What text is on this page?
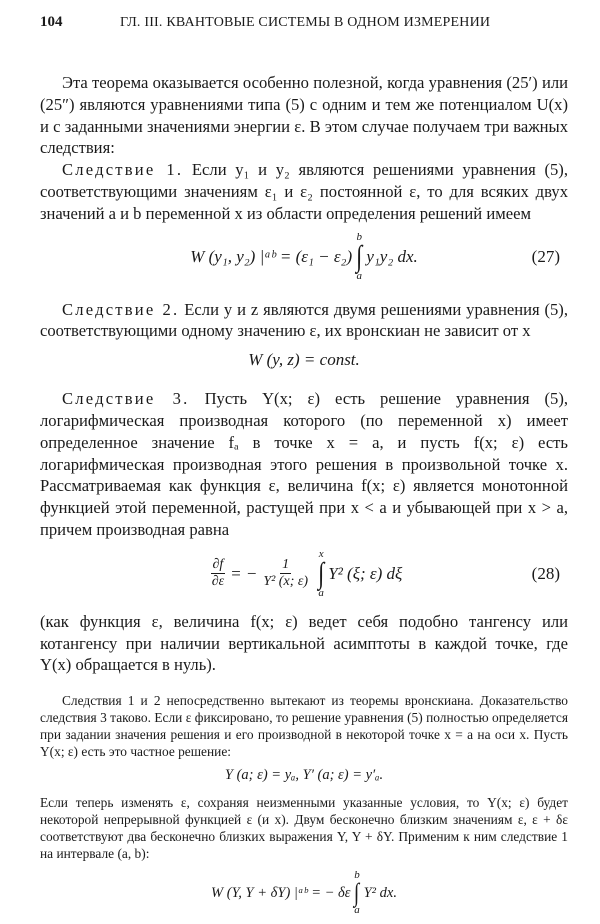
104	ГЛ. III. КВАНТОВЫЕ СИСТЕМЫ В ОДНОМ ИЗМЕРЕНИИ

Эта теорема оказывается особенно полезной, когда уравнения (25′) или (25″) являются уравнениями типа (5) с одним и тем же потенциалом U(x) и с заданными значениями энергии ε. В этом случае получаем три важных следствия:

Следствие 1. Если y₁ и y₂ являются решениями уравнения (5), соответствующими значениям ε₁ и ε₂ постоянной ε, то для всяких двух значений a и b переменной x из области определения решений имеем

W (y₁, y₂) |ᵃᵇ = (ε₁ − ε₂)
b
∫
a
y₁y₂ dx.	(27)

Следствие 2. Если y и z являются двумя решениями уравнения (5), соответствующими одному значению ε, их вронскиан не зависит от x

W (y, z) = const.

Следствие 3. Пусть Y(x; ε) есть решение уравнения (5), логарифмическая производная которого (по переменной x) имеет определенное значение fₐ в точке x = a, и пусть f(x; ε) есть логарифмическая производная этого решения в произвольной точке x. Рассматриваемая как функция ε, величина f(x; ε) является монотонной функцией этой переменной, растущей при x < a и убывающей при x > a, причем производная равна

$\frac{\partial f}{\partial\varepsilon}$ = − $\frac{1}{\text{Y² (x; ε)}}$
x
∫
a
Y² (ξ; ε) dξ	(28)

(как функция ε, величина f(x; ε) ведет себя подобно тангенсу или котангенсу при наличии вертикальной асимптоты в каждой точке, где Y(x) обращается в нуль).

Следствия 1 и 2 непосредственно вытекают из теоремы вронскиана. Доказательство следствия 3 таково. Если ε фиксировано, то решение уравнения (5) полностью определяется при задании значения решения и его производной в некоторой точке x = a на оси x. Пусть Y(x; ε) есть это частное решение:

Y (a; ε) = yₐ, Y′ (a; ε) = y′ₐ.

Если теперь изменять ε, сохраняя неизменными указанные условия, то Y(x; ε) будет некоторой непрерывной функцией ε (и x). Двум бесконечно близким значениям ε, ε + δε соответствуют два бесконечно близких выражения Y, Y + δY. Применим к ним следствие 1 на интервале (a, b):

W (Y, Y + δY) |ᵃᵇ = − δε
b
∫
a
Y² dx.
